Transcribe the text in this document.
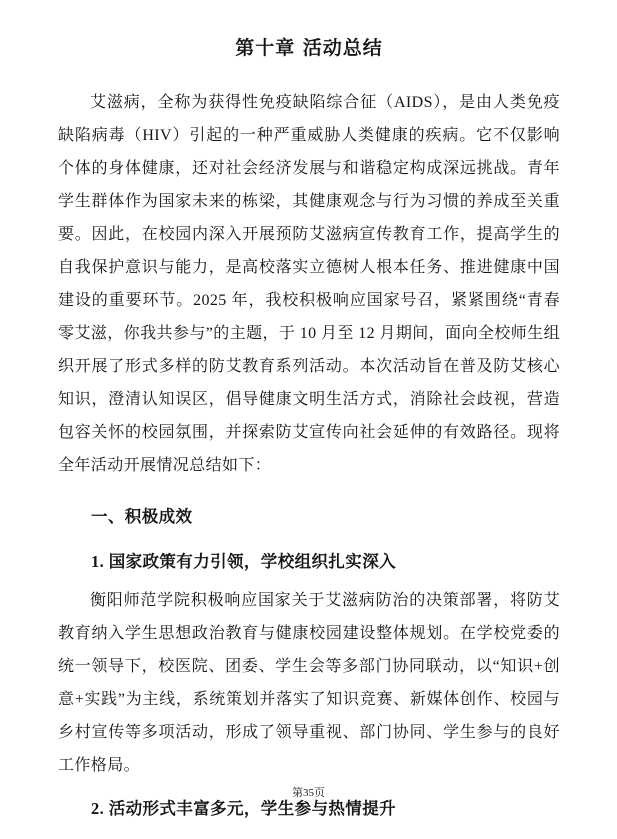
第十章 活动总结

艾滋病，全称为获得性免疫缺陷综合征（AIDS），是由人类免疫缺陷病毒（HIV）引起的一种严重威胁人类健康的疾病。它不仅影响个体的身体健康，还对社会经济发展与和谐稳定构成深远挑战。青年学生群体作为国家未来的栋梁，其健康观念与行为习惯的养成至关重要。因此，在校园内深入开展预防艾滋病宣传教育工作，提高学生的自我保护意识与能力，是高校落实立德树人根本任务、推进健康中国建设的重要环节。2025 年，我校积极响应国家号召，紧紧围绕“青春零艾滋，你我共参与”的主题，于 10 月至 12 月期间，面向全校师生组织开展了形式多样的防艾教育系列活动。本次活动旨在普及防艾核心知识，澄清认知误区，倡导健康文明生活方式，消除社会歧视，营造包容关怀的校园氛围，并探索防艾宣传向社会延伸的有效路径。现将全年活动开展情况总结如下：

一、积极成效
1. 国家政策有力引领，学校组织扎实深入

衡阳师范学院积极响应国家关于艾滋病防治的决策部署，将防艾教育纳入学生思想政治教育与健康校园建设整体规划。在学校党委的统一领导下，校医院、团委、学生会等多部门协同联动，以“知识+创意+实践”为主线，系统策划并落实了知识竞赛、新媒体创作、校园与乡村宣传等多项活动，形成了领导重视、部门协同、学生参与的良好工作格局。

2. 活动形式丰富多元，学生参与热情提升
第35页
